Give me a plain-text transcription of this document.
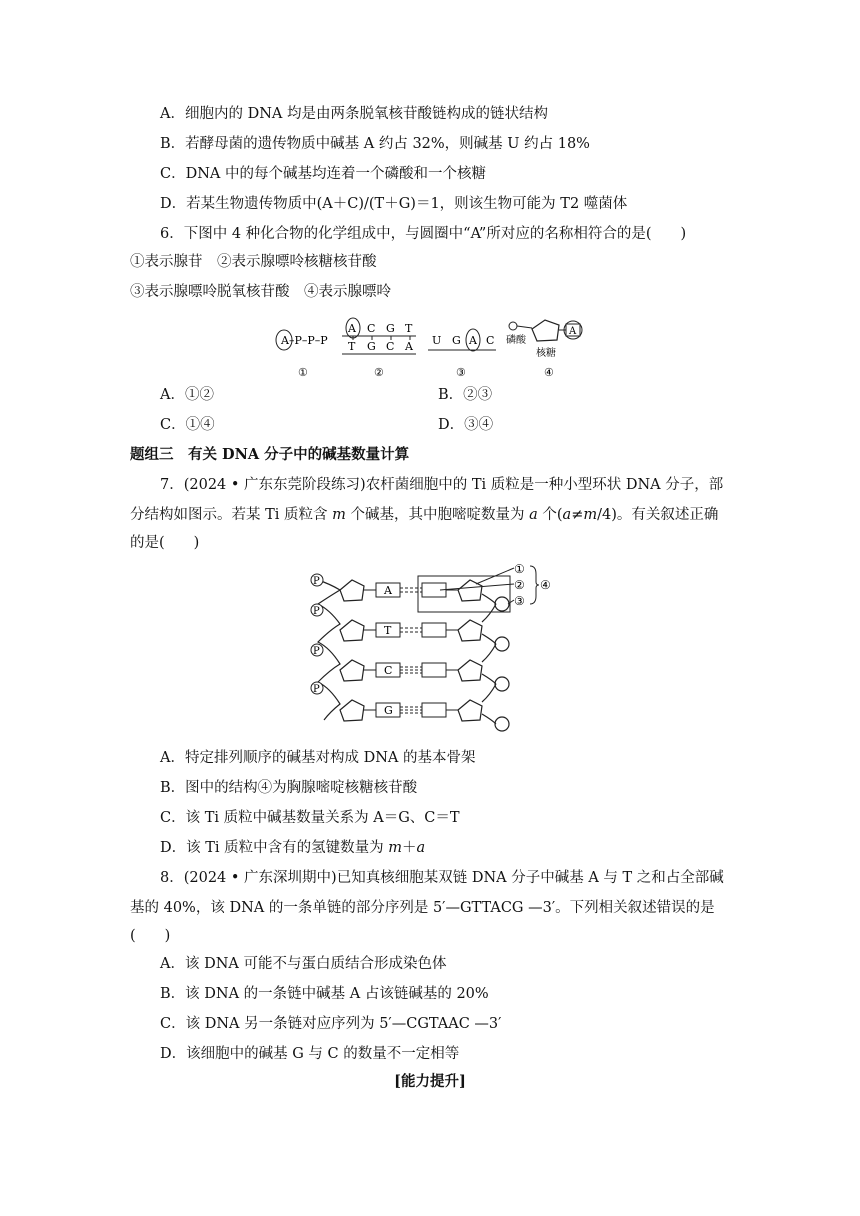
A．细胞内的 DNA 均是由两条脱氧核苷酸链构成的链状结构
B．若酵母菌的遗传物质中碱基 A 约占 32%，则碱基 U 约占 18%
C．DNA 中的每个碱基均连着一个磷酸和一个核糖
D．若某生物遗传物质中(A＋C)/(T＋G)＝1，则该生物可能为 T2 噬菌体
6．下图中 4 种化合物的化学组成中，与圆圈中“A”所对应的名称相符合的是(　　)
①表示腺苷　②表示腺嘌呤核糖核苷酸
③表示腺嘌呤脱氧核苷酸　④表示腺嘌呤
A–P–P–P
A C G T
T G C A U G A C
A
磷酸
核糖
①	②	③	④
A．①②	B．②③
C．①④	D．③④
题组三　有关 DNA 分子中的碱基数量计算
7．(2024 • 广东东莞阶段练习)农杆菌细胞中的 Ti 质粒是一种小型环状 DNA 分子，部
分结构如图示。若某 Ti 质粒含 m 个碱基，其中胞嘧啶数量为 a 个(a≠m/4)。有关叙述正确
的是(　　)
P
P
P
P
A
T
C
G
①
②
③
④
A．特定排列顺序的碱基对构成 DNA 的基本骨架
B．图中的结构④为胸腺嘧啶核糖核苷酸
C．该 Ti 质粒中碱基数量关系为 A＝G、C＝T
D．该 Ti 质粒中含有的氢键数量为 m＋a
8．(2024 • 广东深圳期中)已知真核细胞某双链 DNA 分子中碱基 A 与 T 之和占全部碱
基的 40%，该 DNA 的一条单链的部分序列是 5′—GTTACG —3′。下列相关叙述错误的是
(　　)
A．该 DNA 可能不与蛋白质结合形成染色体
B．该 DNA 的一条链中碱基 A 占该链碱基的 20%
C．该 DNA 另一条链对应序列为 5′—CGTAAC —3′
D．该细胞中的碱基 G 与 C 的数量不一定相等
[能力提升]
